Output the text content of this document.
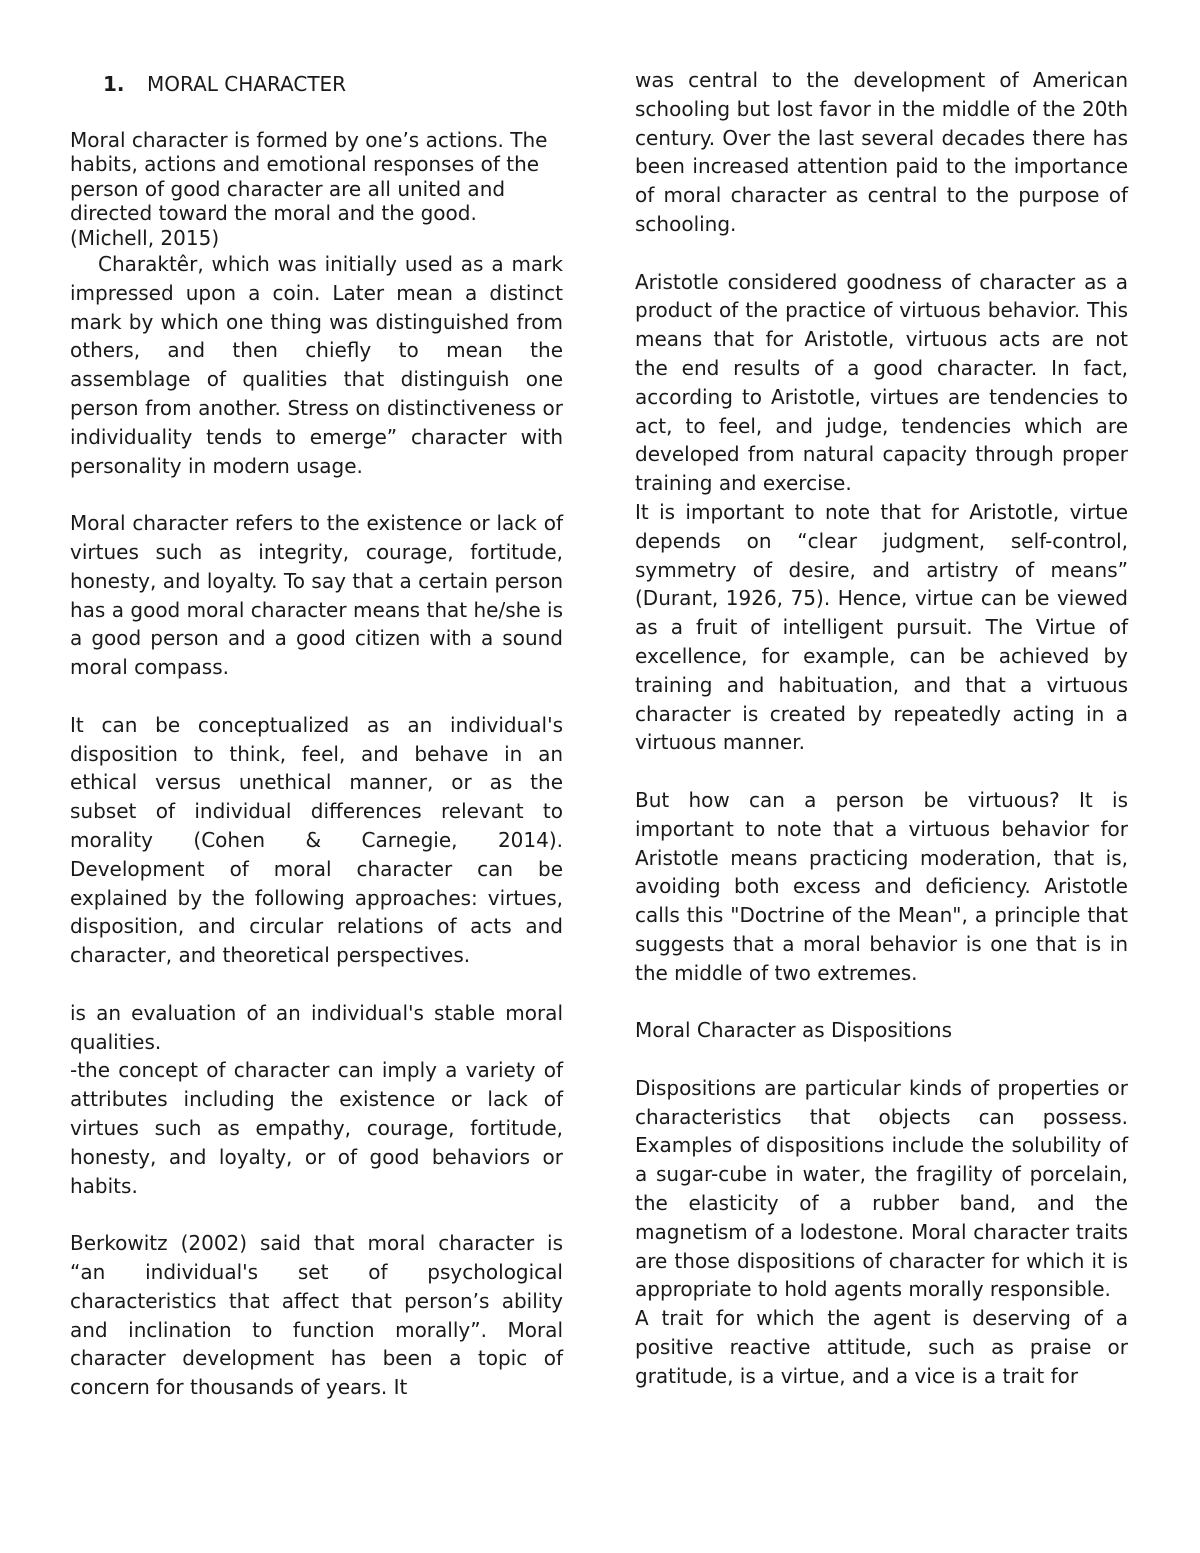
1.	MORAL CHARACTER

Moral character is formed by one’s actions. The habits, actions and emotional responses of the person of good character are all united and directed toward the moral and the good. (Michell, 2015)

Charaktêr, which was initially used as a mark impressed upon a coin. Later mean a distinct mark by which one thing was distinguished from others, and then chiefly to mean the assemblage of qualities that distinguish one person from another. Stress on distinctiveness or individuality tends to emerge” character with personality in modern usage.

Moral character refers to the existence or lack of virtues such as integrity, courage, fortitude, honesty, and loyalty. To say that a certain person has a good moral character means that he/she is a good person and a good citizen with a sound moral compass.

It can be conceptualized as an individual's disposition to think, feel, and behave in an ethical versus unethical manner, or as the subset of individual differences relevant to morality (Cohen & Carnegie, 2014). Development of moral character can be explained by the following approaches: virtues, disposition, and circular relations of acts and character, and theoretical perspectives.

is an evaluation of an individual's stable moral qualities.

-the concept of character can imply a variety of attributes including the existence or lack of virtues such as empathy, courage, fortitude, honesty, and loyalty, or of good behaviors or habits.

Berkowitz (2002) said that moral character is “an individual's set of psychological characteristics that affect that person’s ability and inclination to function morally”. Moral character development has been a topic of concern for thousands of years. It

was central to the development of American schooling but lost favor in the middle of the 20th century. Over the last several decades there has been increased attention paid to the importance of moral character as central to the purpose of schooling.

Aristotle considered goodness of character as a product of the practice of virtuous behavior. This means that for Aristotle, virtuous acts are not the end results of a good character. In fact, according to Aristotle, virtues are tendencies to act, to feel, and judge, tendencies which are developed from natural capacity through proper training and exercise.

It is important to note that for Aristotle, virtue depends on “clear judgment, self-control, symmetry of desire, and artistry of means” (Durant, 1926, 75). Hence, virtue can be viewed as a fruit of intelligent pursuit. The Virtue of excellence, for example, can be achieved by training and habituation, and that a virtuous character is created by repeatedly acting in a virtuous manner.

But how can a person be virtuous? It is important to note that a virtuous behavior for Aristotle means practicing moderation, that is, avoiding both excess and deficiency. Aristotle calls this "Doctrine of the Mean", a principle that suggests that a moral behavior is one that is in the middle of two extremes.

Moral Character as Dispositions

Dispositions are particular kinds of properties or characteristics that objects can possess. Examples of dispositions include the solubility of a sugar-cube in water, the fragility of porcelain, the elasticity of a rubber band, and the magnetism of a lodestone. Moral character traits are those dispositions of character for which it is appropriate to hold agents morally responsible.

A trait for which the agent is deserving of a positive reactive attitude, such as praise or gratitude, is a virtue, and a vice is a trait for
